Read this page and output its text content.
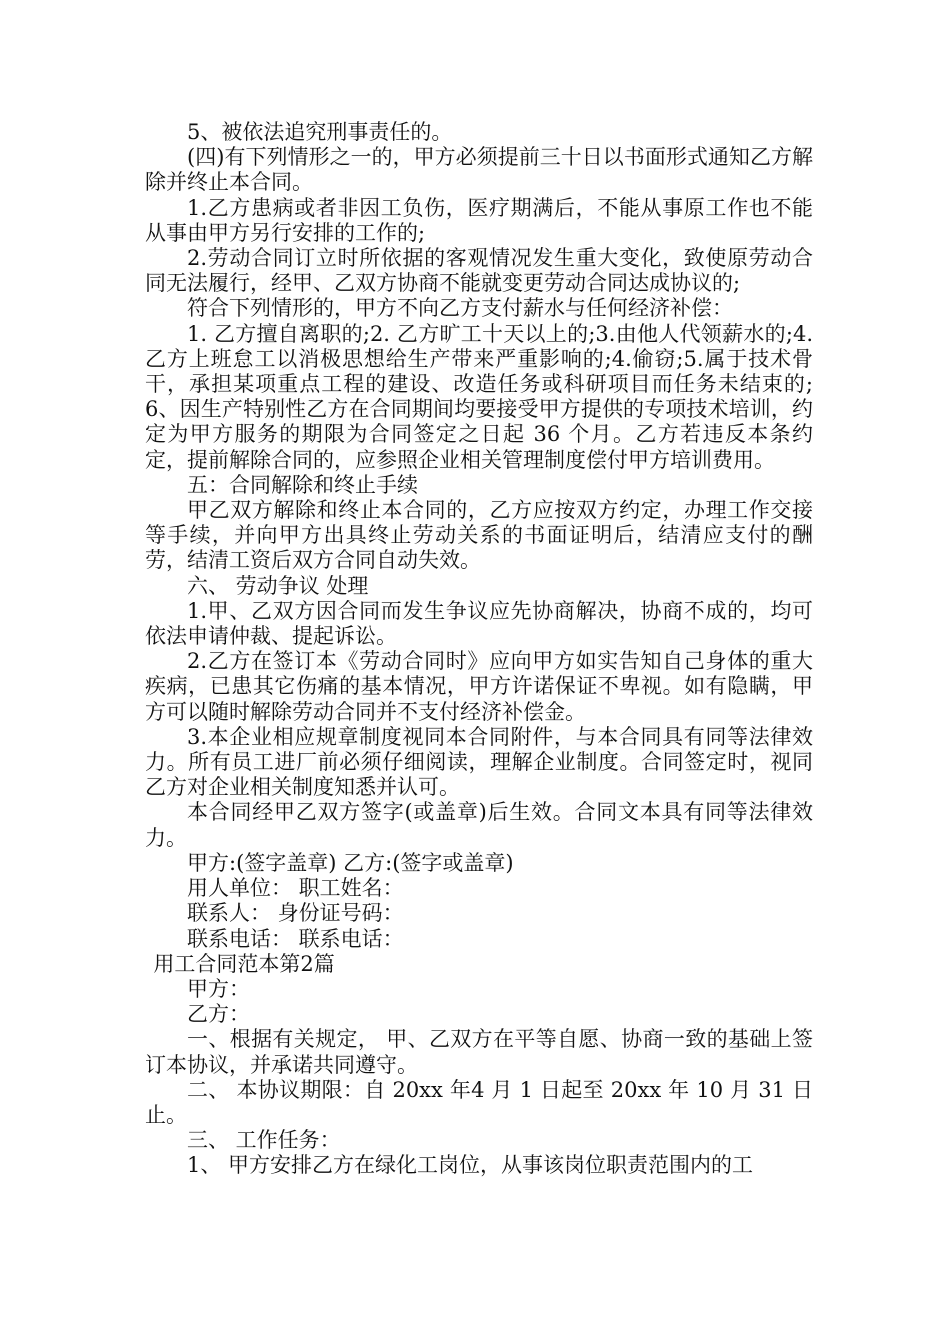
5、被依法追究刑事责任的。

(四)有下列情形之一的，甲方必须提前三十日以书面形式通知乙方解除并终止本合同。

1.乙方患病或者非因工负伤，医疗期满后，不能从事原工作也不能从事由甲方另行安排的工作的;

2.劳动合同订立时所依据的客观情况发生重大变化，致使原劳动合同无法履行，经甲、乙双方协商不能就变更劳动合同达成协议的;

符合下列情形的，甲方不向乙方支付薪水与任何经济补偿：

1. 乙方擅自离职的;2. 乙方旷工十天以上的;3.由他人代领薪水的;4.乙方上班怠工以消极思想给生产带来严重影响的;4.偷窃;5.属于技术骨干，承担某项重点工程的建设、改造任务或科研项目而任务未结束的;6、因生产特别性乙方在合同期间均要接受甲方提供的专项技术培训，约定为甲方服务的期限为合同签定之日起 36 个月。乙方若违反本条约定，提前解除合同的，应参照企业相关管理制度偿付甲方培训费用。

五：合同解除和终止手续

甲乙双方解除和终止本合同的，乙方应按双方约定，办理工作交接等手续，并向甲方出具终止劳动关系的书面证明后，结清应支付的酬劳，结清工资后双方合同自动失效。

六、 劳动争议 处理

1.甲、乙双方因合同而发生争议应先协商解决，协商不成的，均可依法申请仲裁、提起诉讼。

2.乙方在签订本《劳动合同时》应向甲方如实告知自己身体的重大疾病，已患其它伤痛的基本情况，甲方许诺保证不卑视。如有隐瞒，甲方可以随时解除劳动合同并不支付经济补偿金。

3.本企业相应规章制度视同本合同附件，与本合同具有同等法律效力。所有员工进厂前必须仔细阅读，理解企业制度。合同签定时，视同乙方对企业相关制度知悉并认可。

本合同经甲乙双方签字(或盖章)后生效。合同文本具有同等法律效力。

甲方:(签字盖章) 乙方:(签字或盖章)

用人单位： 职工姓名：

联系人： 身份证号码：

联系电话： 联系电话：

用工合同范本第2篇

甲方：

乙方：

一、根据有关规定， 甲、乙双方在平等自愿、协商一致的基础上签订本协议，并承诺共同遵守。

二、 本协议期限：自 20xx 年4 月 1 日起至 20xx 年 10 月 31 日止。

三、 工作任务：

1、 甲方安排乙方在绿化工岗位，从事该岗位职责范围内的工
